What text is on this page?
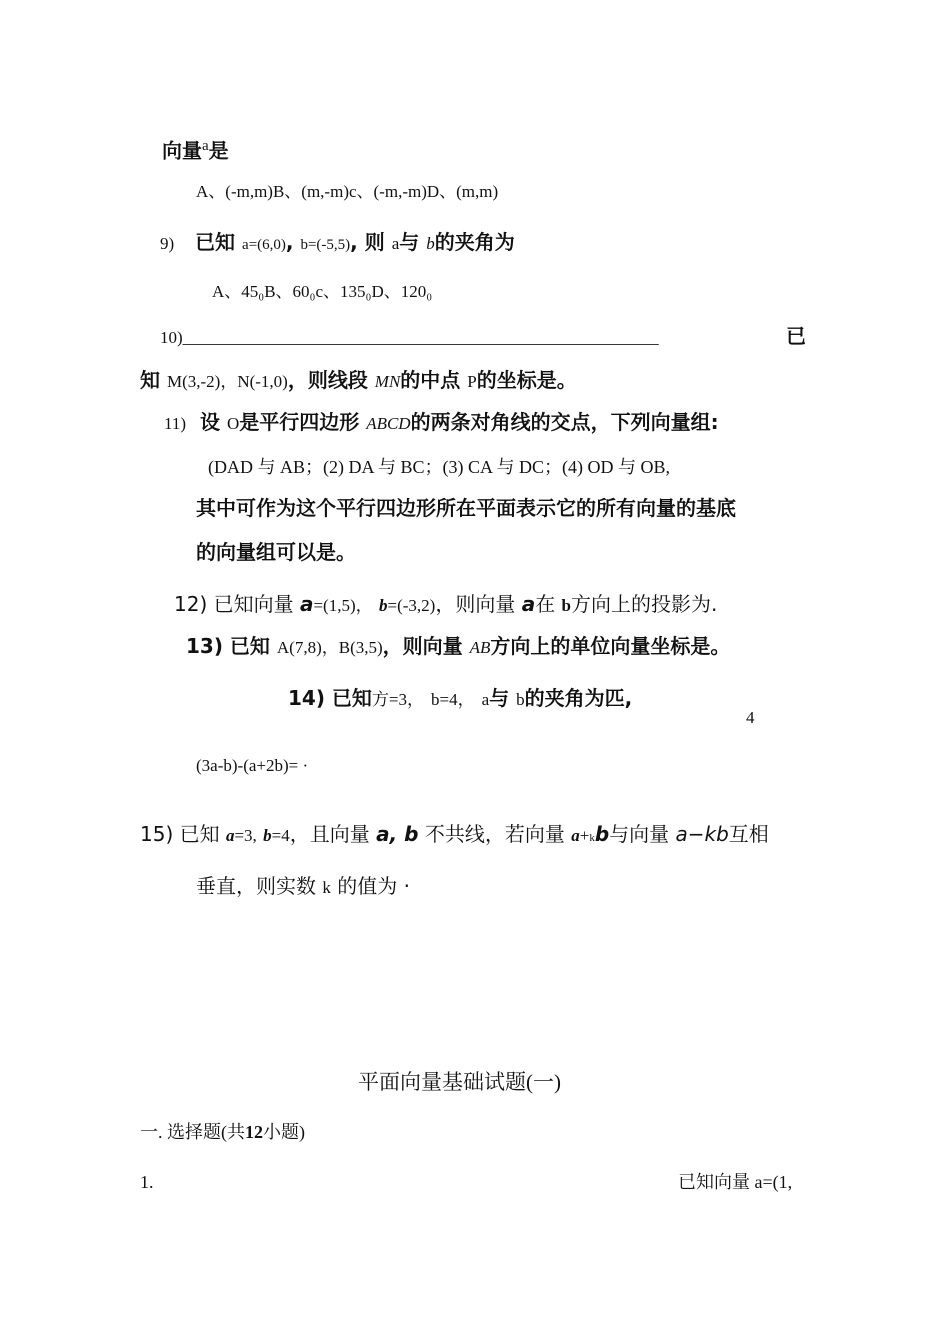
向量$^a$是
A、(-m,m)B、(m,-m)c、(-m,-m)D、(m,m)
9) 已知 a=(6,0), b=(-5,5), 则 a与 b的夹角为
A、45₀B、60₀c、135₀D、120₀
10)________________________________________________________	已
知 M(3,-2)，N(-1,0)，则线段 MN的中点 P的坐标是。
11) 设 O是平行四边形 ABCD的两条对角线的交点，下列向量组:
(DAD 与 AB；(2) DA 与 BC；(3) CA 与 DC；(4) OD 与 OB,
其中可作为这个平行四边形所在平面表示它的所有向量的基底
的向量组可以是。
12) 已知向量 a=(1,5)， b=(-3,2)，则向量 a在 b方向上的投影为.
13) 已知 A(7,8)，B(3,5)，则向量 AB方向上的单位向量坐标是。
14) 已知方=3， b=4， a与 b的夹角为匹,
4
(3a-b)-(a+2b)= ·
15) 已知 a=3, b=4，且向量 a, b 不共线，若向量 a+kb与向量 a−kb互相
垂直，则实数 k 的值为 ·
平面向量基础试题(一)
一. 选择题(共12小题)
1.	已知向量 a=(1,
